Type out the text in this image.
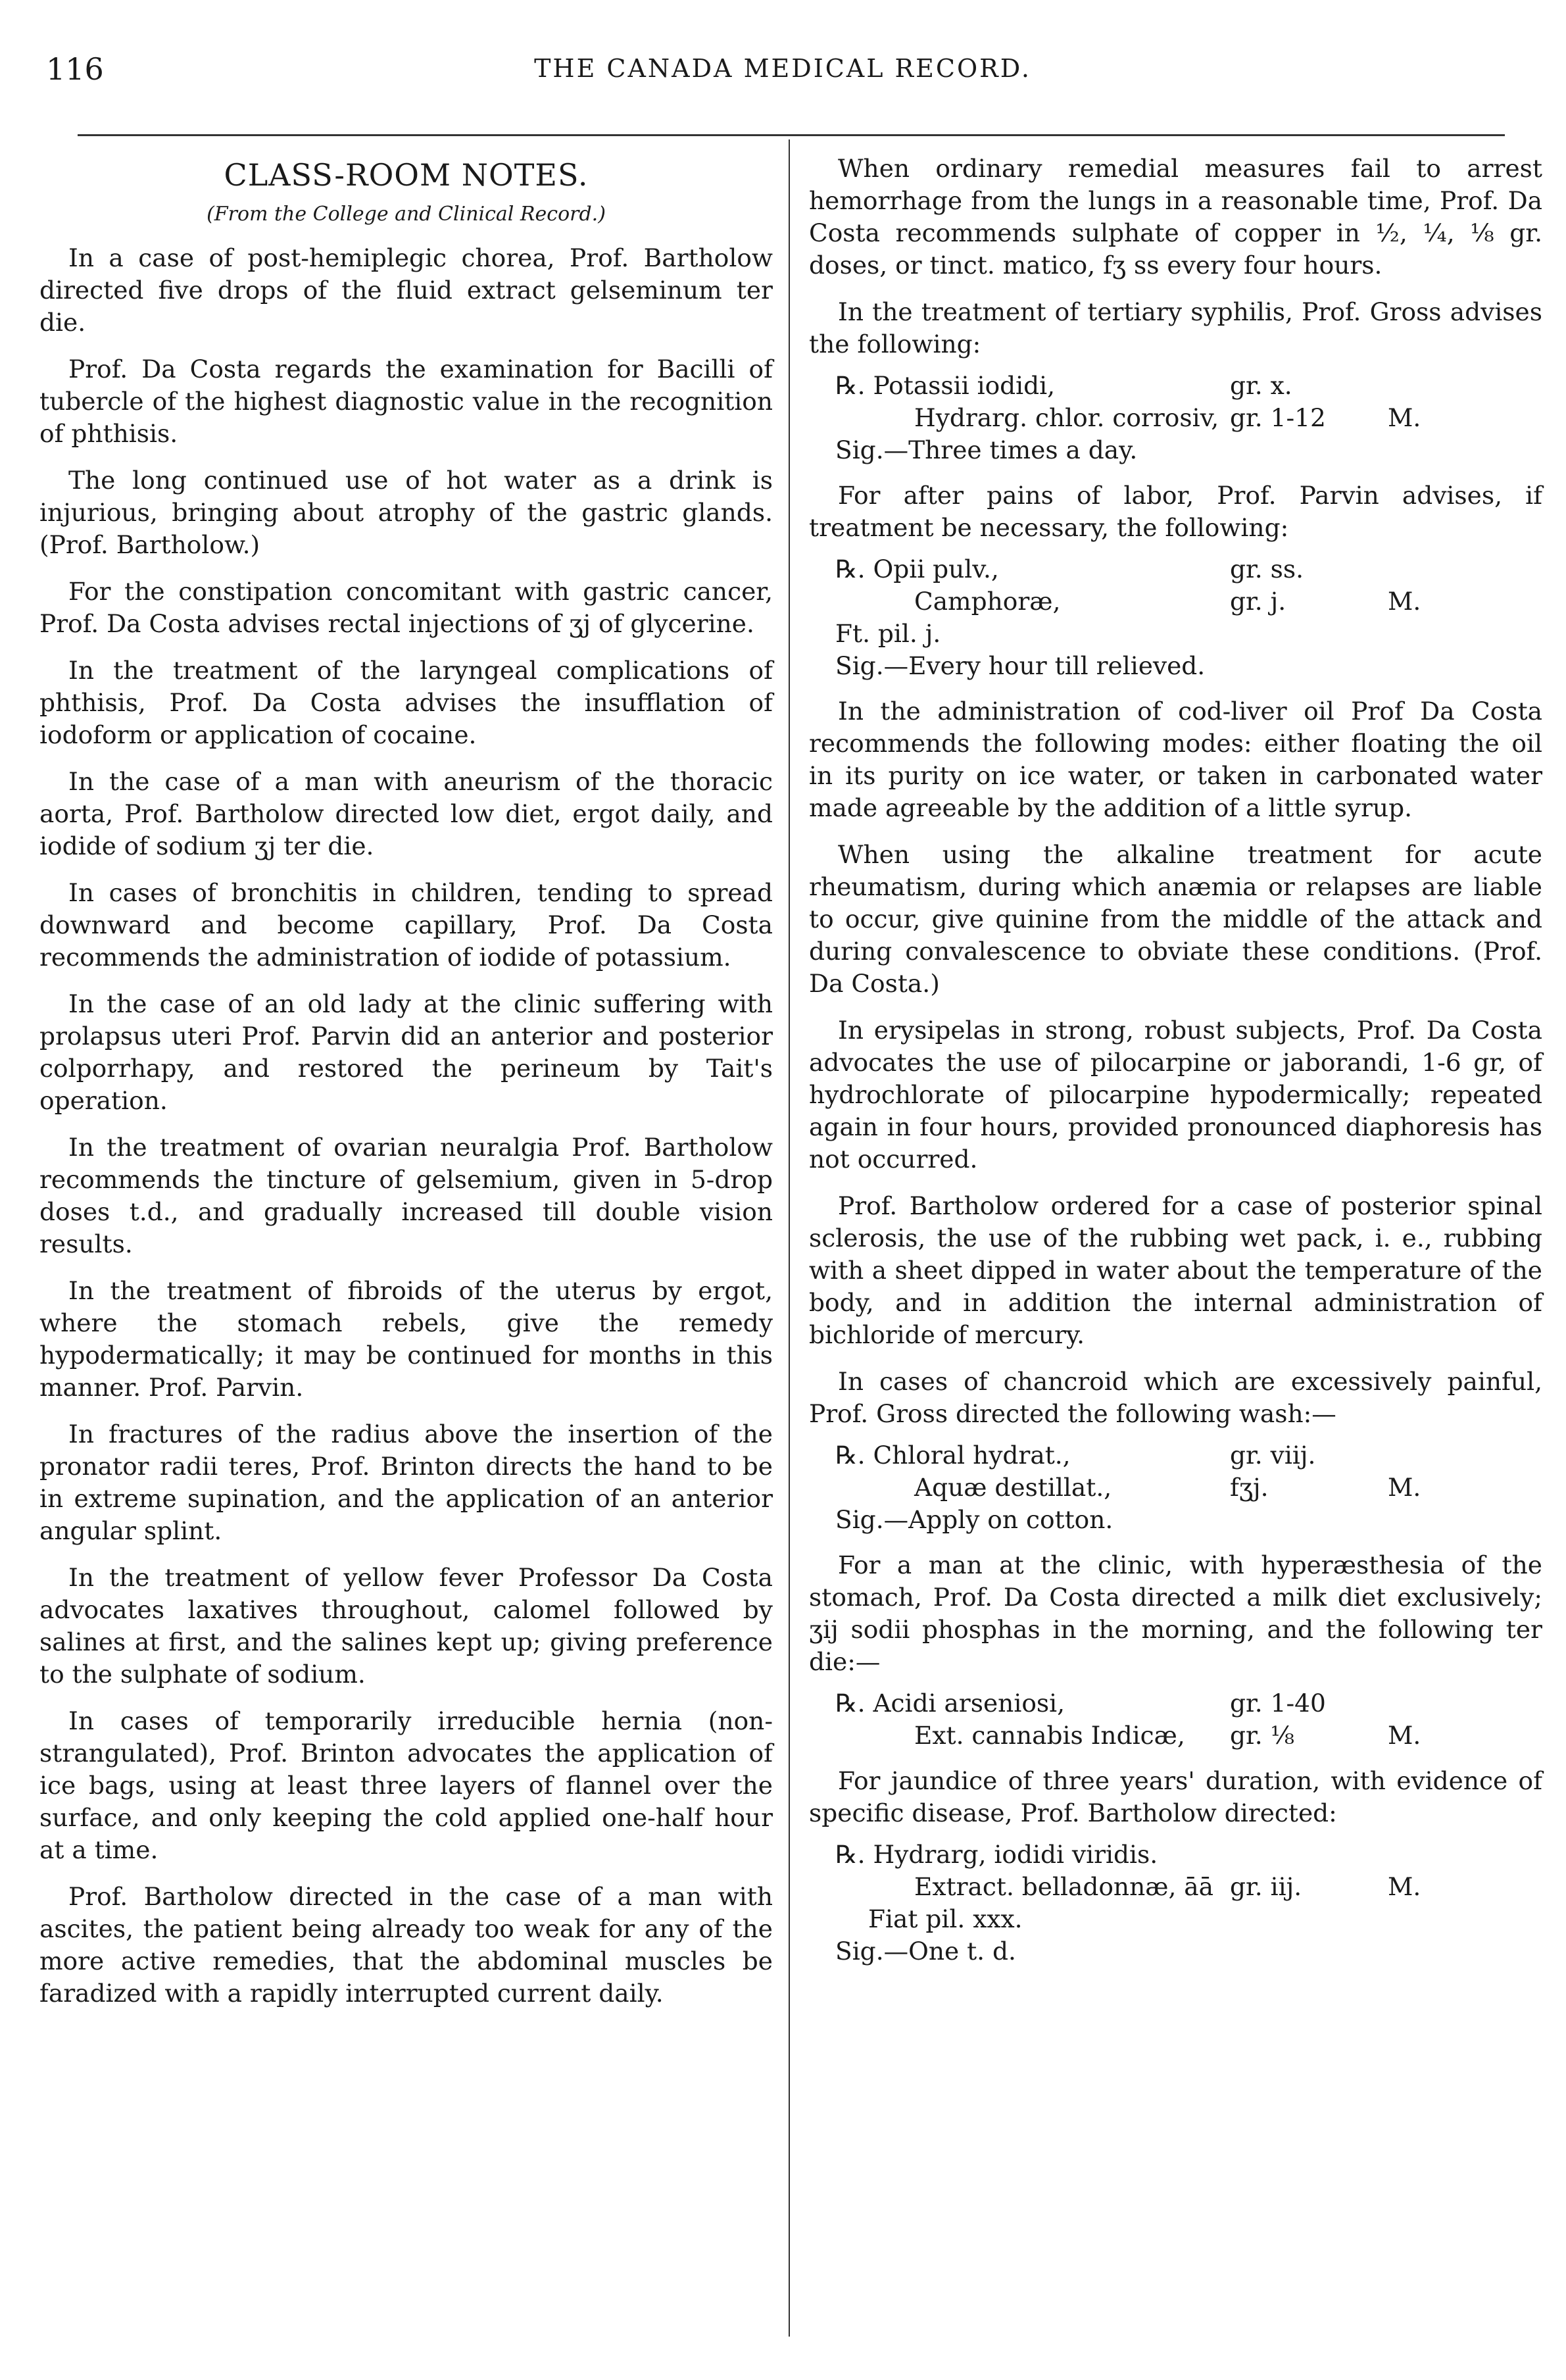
116	THE CANADA MEDICAL RECORD.
CLASS-ROOM NOTES.
(From the College and Clinical Record.)

In a case of post-hemiplegic chorea, Prof. Bartholow directed five drops of the fluid extract gelseminum ter die.

Prof. Da Costa regards the examination for Bacilli of tubercle of the highest diagnostic value in the recognition of phthisis.

The long continued use of hot water as a drink is injurious, bringing about atrophy of the gastric glands. (Prof. Bartholow.)

For the constipation concomitant with gastric cancer, Prof. Da Costa advises rectal injections of ʒj of glycerine.

In the treatment of the laryngeal complications of phthisis, Prof. Da Costa advises the insufflation of iodoform or application of cocaine.

In the case of a man with aneurism of the thoracic aorta, Prof. Bartholow directed low diet, ergot daily, and iodide of sodium ʒj ter die.

In cases of bronchitis in children, tending to spread downward and become capillary, Prof. Da Costa recommends the administration of iodide of potassium.

In the case of an old lady at the clinic suffering with prolapsus uteri Prof. Parvin did an anterior and posterior colporrhapy, and restored the perineum by Tait's operation.

In the treatment of ovarian neuralgia Prof. Bartholow recommends the tincture of gelsemium, given in 5-drop doses t.d., and gradually increased till double vision results.

In the treatment of fibroids of the uterus by ergot, where the stomach rebels, give the remedy hypodermatically; it may be continued for months in this manner. Prof. Parvin.

In fractures of the radius above the insertion of the pronator radii teres, Prof. Brinton directs the hand to be in extreme supination, and the application of an anterior angular splint.

In the treatment of yellow fever Professor Da Costa advocates laxatives throughout, calomel followed by salines at first, and the salines kept up; giving preference to the sulphate of sodium.

In cases of temporarily irreducible hernia (non-strangulated), Prof. Brinton advocates the application of ice bags, using at least three layers of flannel over the surface, and only keeping the cold applied one-half hour at a time.

Prof. Bartholow directed in the case of a man with ascites, the patient being already too weak for any of the more active remedies, that the abdominal muscles be faradized with a rapidly interrupted current daily.

When ordinary remedial measures fail to arrest hemorrhage from the lungs in a reasonable time, Prof. Da Costa recommends sulphate of copper in ½, ¼, ⅛ gr. doses, or tinct. matico, fʒ ss every four hours.

In the treatment of tertiary syphilis, Prof. Gross advises the following:

℞. Potassii iodidi,	gr. x.
Hydrarg. chlor. corrosiv, gr. 1-12	M.
Sig.—Three times a day.

For after pains of labor, Prof. Parvin advises, if treatment be necessary, the following:

℞. Opii pulv.,	gr. ss.
Camphoræ,	gr. j.	M.
Ft. pil. j.
Sig.—Every hour till relieved.

In the administration of cod-liver oil Prof Da Costa recommends the following modes: either floating the oil in its purity on ice water, or taken in carbonated water made agreeable by the addition of a little syrup.

When using the alkaline treatment for acute rheumatism, during which anæmia or relapses are liable to occur, give quinine from the middle of the attack and during convalescence to obviate these conditions. (Prof. Da Costa.)

In erysipelas in strong, robust subjects, Prof. Da Costa advocates the use of pilocarpine or jaborandi, 1-6 gr, of hydrochlorate of pilocarpine hypodermically; repeated again in four hours, provided pronounced diaphoresis has not occurred.

Prof. Bartholow ordered for a case of posterior spinal sclerosis, the use of the rubbing wet pack, i. e., rubbing with a sheet dipped in water about the temperature of the body, and in addition the internal administration of bichloride of mercury.

In cases of chancroid which are excessively painful, Prof. Gross directed the following wash:—

℞. Chloral hydrat.,	gr. viij.
Aquæ destillat.,	fʒj.	M.
Sig.—Apply on cotton.

For a man at the clinic, with hyperæsthesia of the stomach, Prof. Da Costa directed a milk diet exclusively; ʒij sodii phosphas in the morning, and the following ter die:—

℞. Acidi arseniosi,	gr. 1-40
Ext. cannabis Indicæ,	gr. ⅛	M.

For jaundice of three years' duration, with evidence of specific disease, Prof. Bartholow directed:

℞. Hydrarg, iodidi viridis.
Extract. belladonnæ, āā gr. iij.	M.
Fiat pil. xxx.
Sig.—One t. d.
